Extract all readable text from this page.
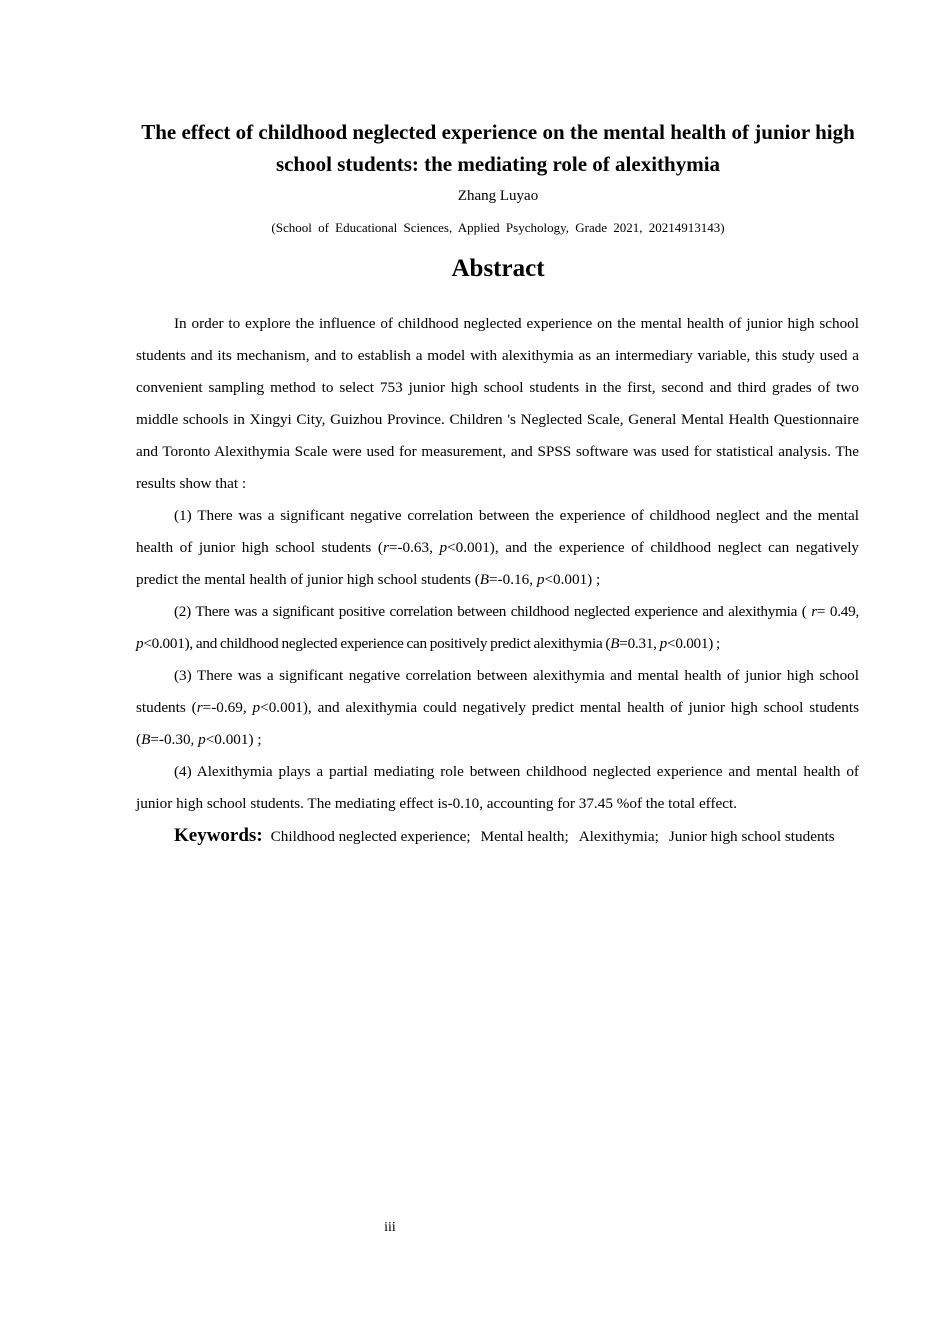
The effect of childhood neglected experience on the mental health of junior high school students: the mediating role of alexithymia
Zhang Luyao
(School of Educational Sciences, Applied Psychology, Grade 2021, 20214913143)
Abstract

In order to explore the influence of childhood neglected experience on the mental health of junior high school students and its mechanism, and to establish a model with alexithymia as an intermediary variable, this study used a convenient sampling method to select 753 junior high school students in the first, second and third grades of two middle schools in Xingyi City, Guizhou Province. Children 's Neglected Scale, General Mental Health Questionnaire and Toronto Alexithymia Scale were used for measurement, and SPSS software was used for statistical analysis. The results show that :

(1) There was a significant negative correlation between the experience of childhood neglect and the mental health of junior high school students (r=-0.63, p<0.001), and the experience of childhood neglect can negatively predict the mental health of junior high school students (B=-0.16, p<0.001) ;

(2) There was a significant positive correlation between childhood neglected experience and alexithymia ( r= 0.49, p<0.001), and childhood neglected experience can positively predict alexithymia (B=0.31, p<0.001) ;

(3) There was a significant negative correlation between alexithymia and mental health of junior high school students (r=-0.69, p<0.001), and alexithymia could negatively predict mental health of junior high school students (B=-0.30, p<0.001) ;

(4) Alexithymia plays a partial mediating role between childhood neglected experience and mental health of junior high school students. The mediating effect is-0.10, accounting for 37.45 %of the total effect.

Keywords: Childhood neglected experience; Mental health; Alexithymia; Junior high school students

iii
